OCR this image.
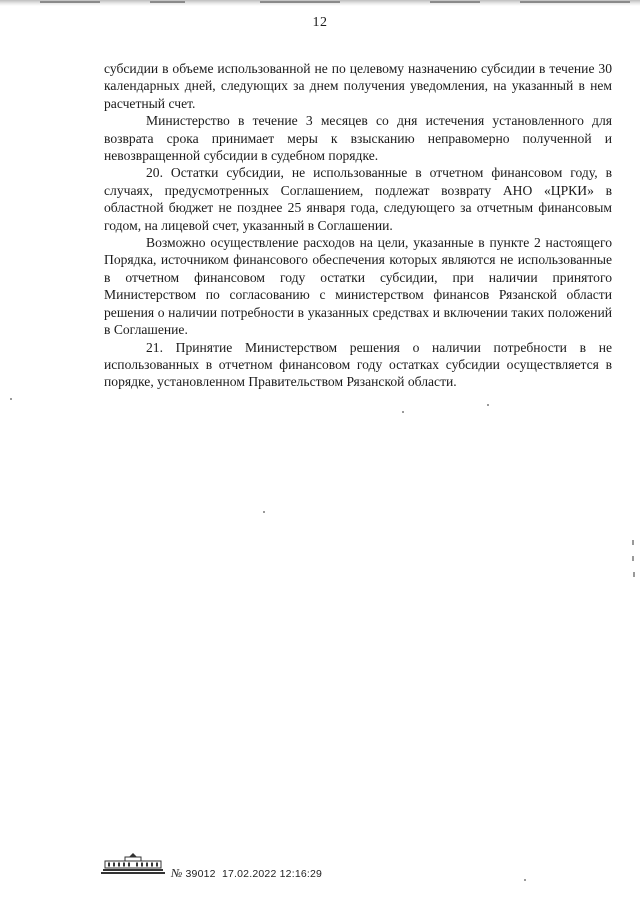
12

субсидии в объеме использованной не по целевому назначению субсидии в течение 30 календарных дней, следующих за днем получения уведомления, на указанный в нем расчетный счет.

Министерство в течение 3 месяцев со дня истечения установленного для возврата срока принимает меры к взысканию неправомерно полученной и невозвращенной субсидии в судебном порядке.

20. Остатки субсидии, не использованные в отчетном финансовом году, в случаях, предусмотренных Соглашением, подлежат возврату АНО «ЦРКИ» в областной бюджет не позднее 25 января года, следующего за отчетным финансовым годом, на лицевой счет, указанный в Соглашении.

Возможно осуществление расходов на цели, указанные в пункте 2 настоящего Порядка, источником финансового обеспечения которых являются не использованные в отчетном финансовом году остатки субсидии, при наличии принятого Министерством по согласованию с министерством финансов Рязанской области решения о наличии потребности в указанных средствах и включении таких положений в Соглашение.

21. Принятие Министерством решения о наличии потребности в не использованных в отчетном финансовом году остатках субсидии осуществляется в порядке, установленном Правительством Рязанской области.

№ 39012  17.02.2022 12:16:29
